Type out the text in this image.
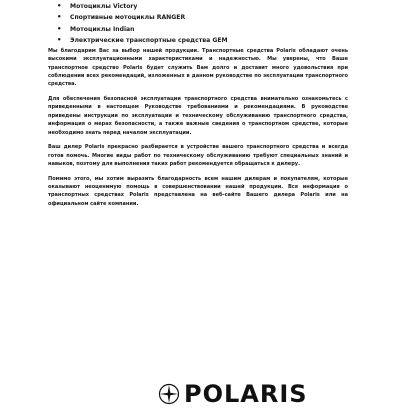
• Мотоциклы Victory
• Спортивные мотоциклы RANGER
• Мотоциклы Indian
• Электрические транспортные средства GEM

Мы благодарим Вас за выбор нашей продукции. Транспортные средства Polaris обладают очень высокими эксплуатационными характеристиками и надежностью. Мы уверены, что Ваше транспортное средство Polaris будет служить Вам долго и доставит много удовольствия при соблюдении всех рекомендаций, изложенных в данном руководстве по эксплуатации транспортного средства.

Для обеспечения безопасной эксплуатации транспортного средства внимательно ознакомьтесь с приведенными в настоящем Руководстве требованиями и рекомендациями. В руководстве приведены инструкции по эксплуатации и техническому обслуживанию транспортного средства, информация о мерах безопасности, а также важные сведения о транспортном средстве, которые необходимо знать перед началом эксплуатации.

Ваш дилер Polaris прекрасно разбирается в устройстве вашего транспортного средства и всегда готов помочь. Многие виды работ по техническому обслуживанию требуют специальных знаний и навыков, поэтому для выполнения таких работ рекомендуется обращаться к дилеру.

Помимо этого, мы хотим выразить благодарность всем нашим дилерам и покупателям, которые оказывают неоценимую помощь в совершенствовании нашей продукции. Вся информация о транспортных средствах Polaris представлена на веб-сайте Вашего дилера Polaris или на официальном сайте компании.

POLARIS
